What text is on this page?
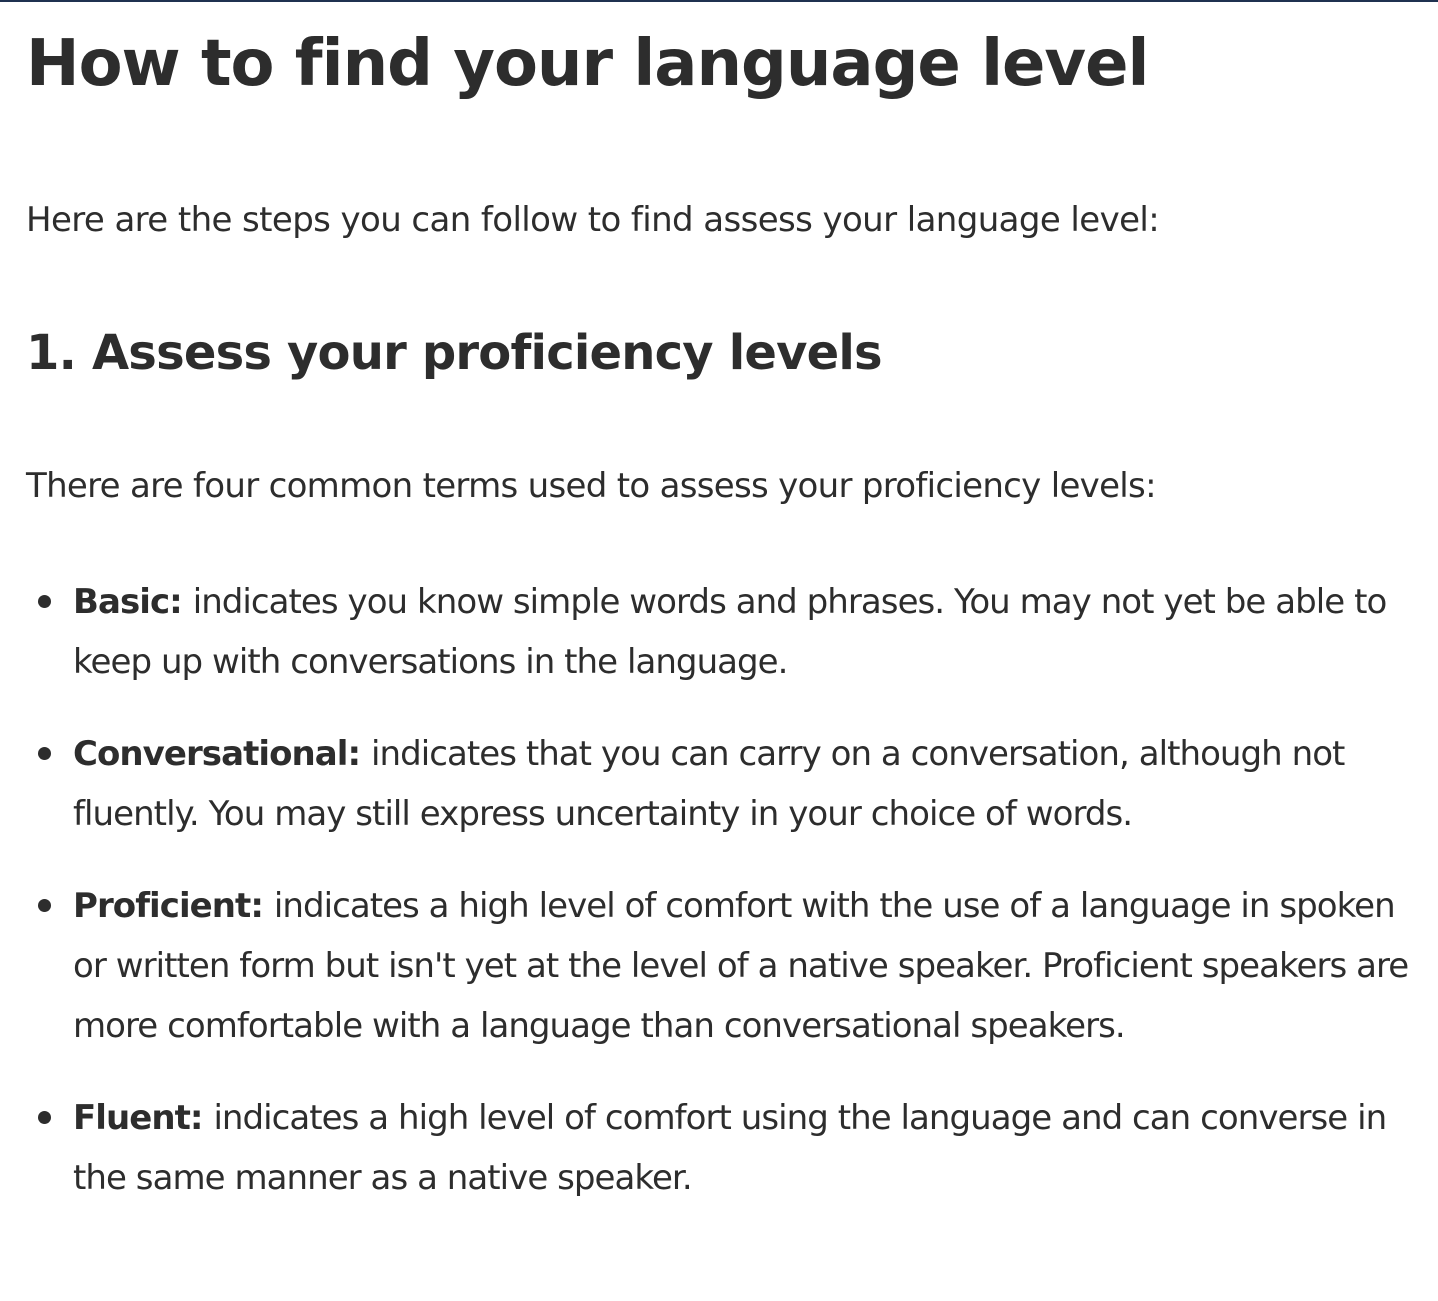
How to find your language level

Here are the steps you can follow to find assess your language level:

1. Assess your proficiency levels

There are four common terms used to assess your proficiency levels:

Basic: indicates you know simple words and phrases. You may not yet be able to keep up with conversations in the language.
Conversational: indicates that you can carry on a conversation, although not fluently. You may still express uncertainty in your choice of words.
Proficient: indicates a high level of comfort with the use of a language in spoken or written form but isn't yet at the level of a native speaker. Proficient speakers are more comfortable with a language than conversational speakers.
Fluent: indicates a high level of comfort using the language and can converse in the same manner as a native speaker.
